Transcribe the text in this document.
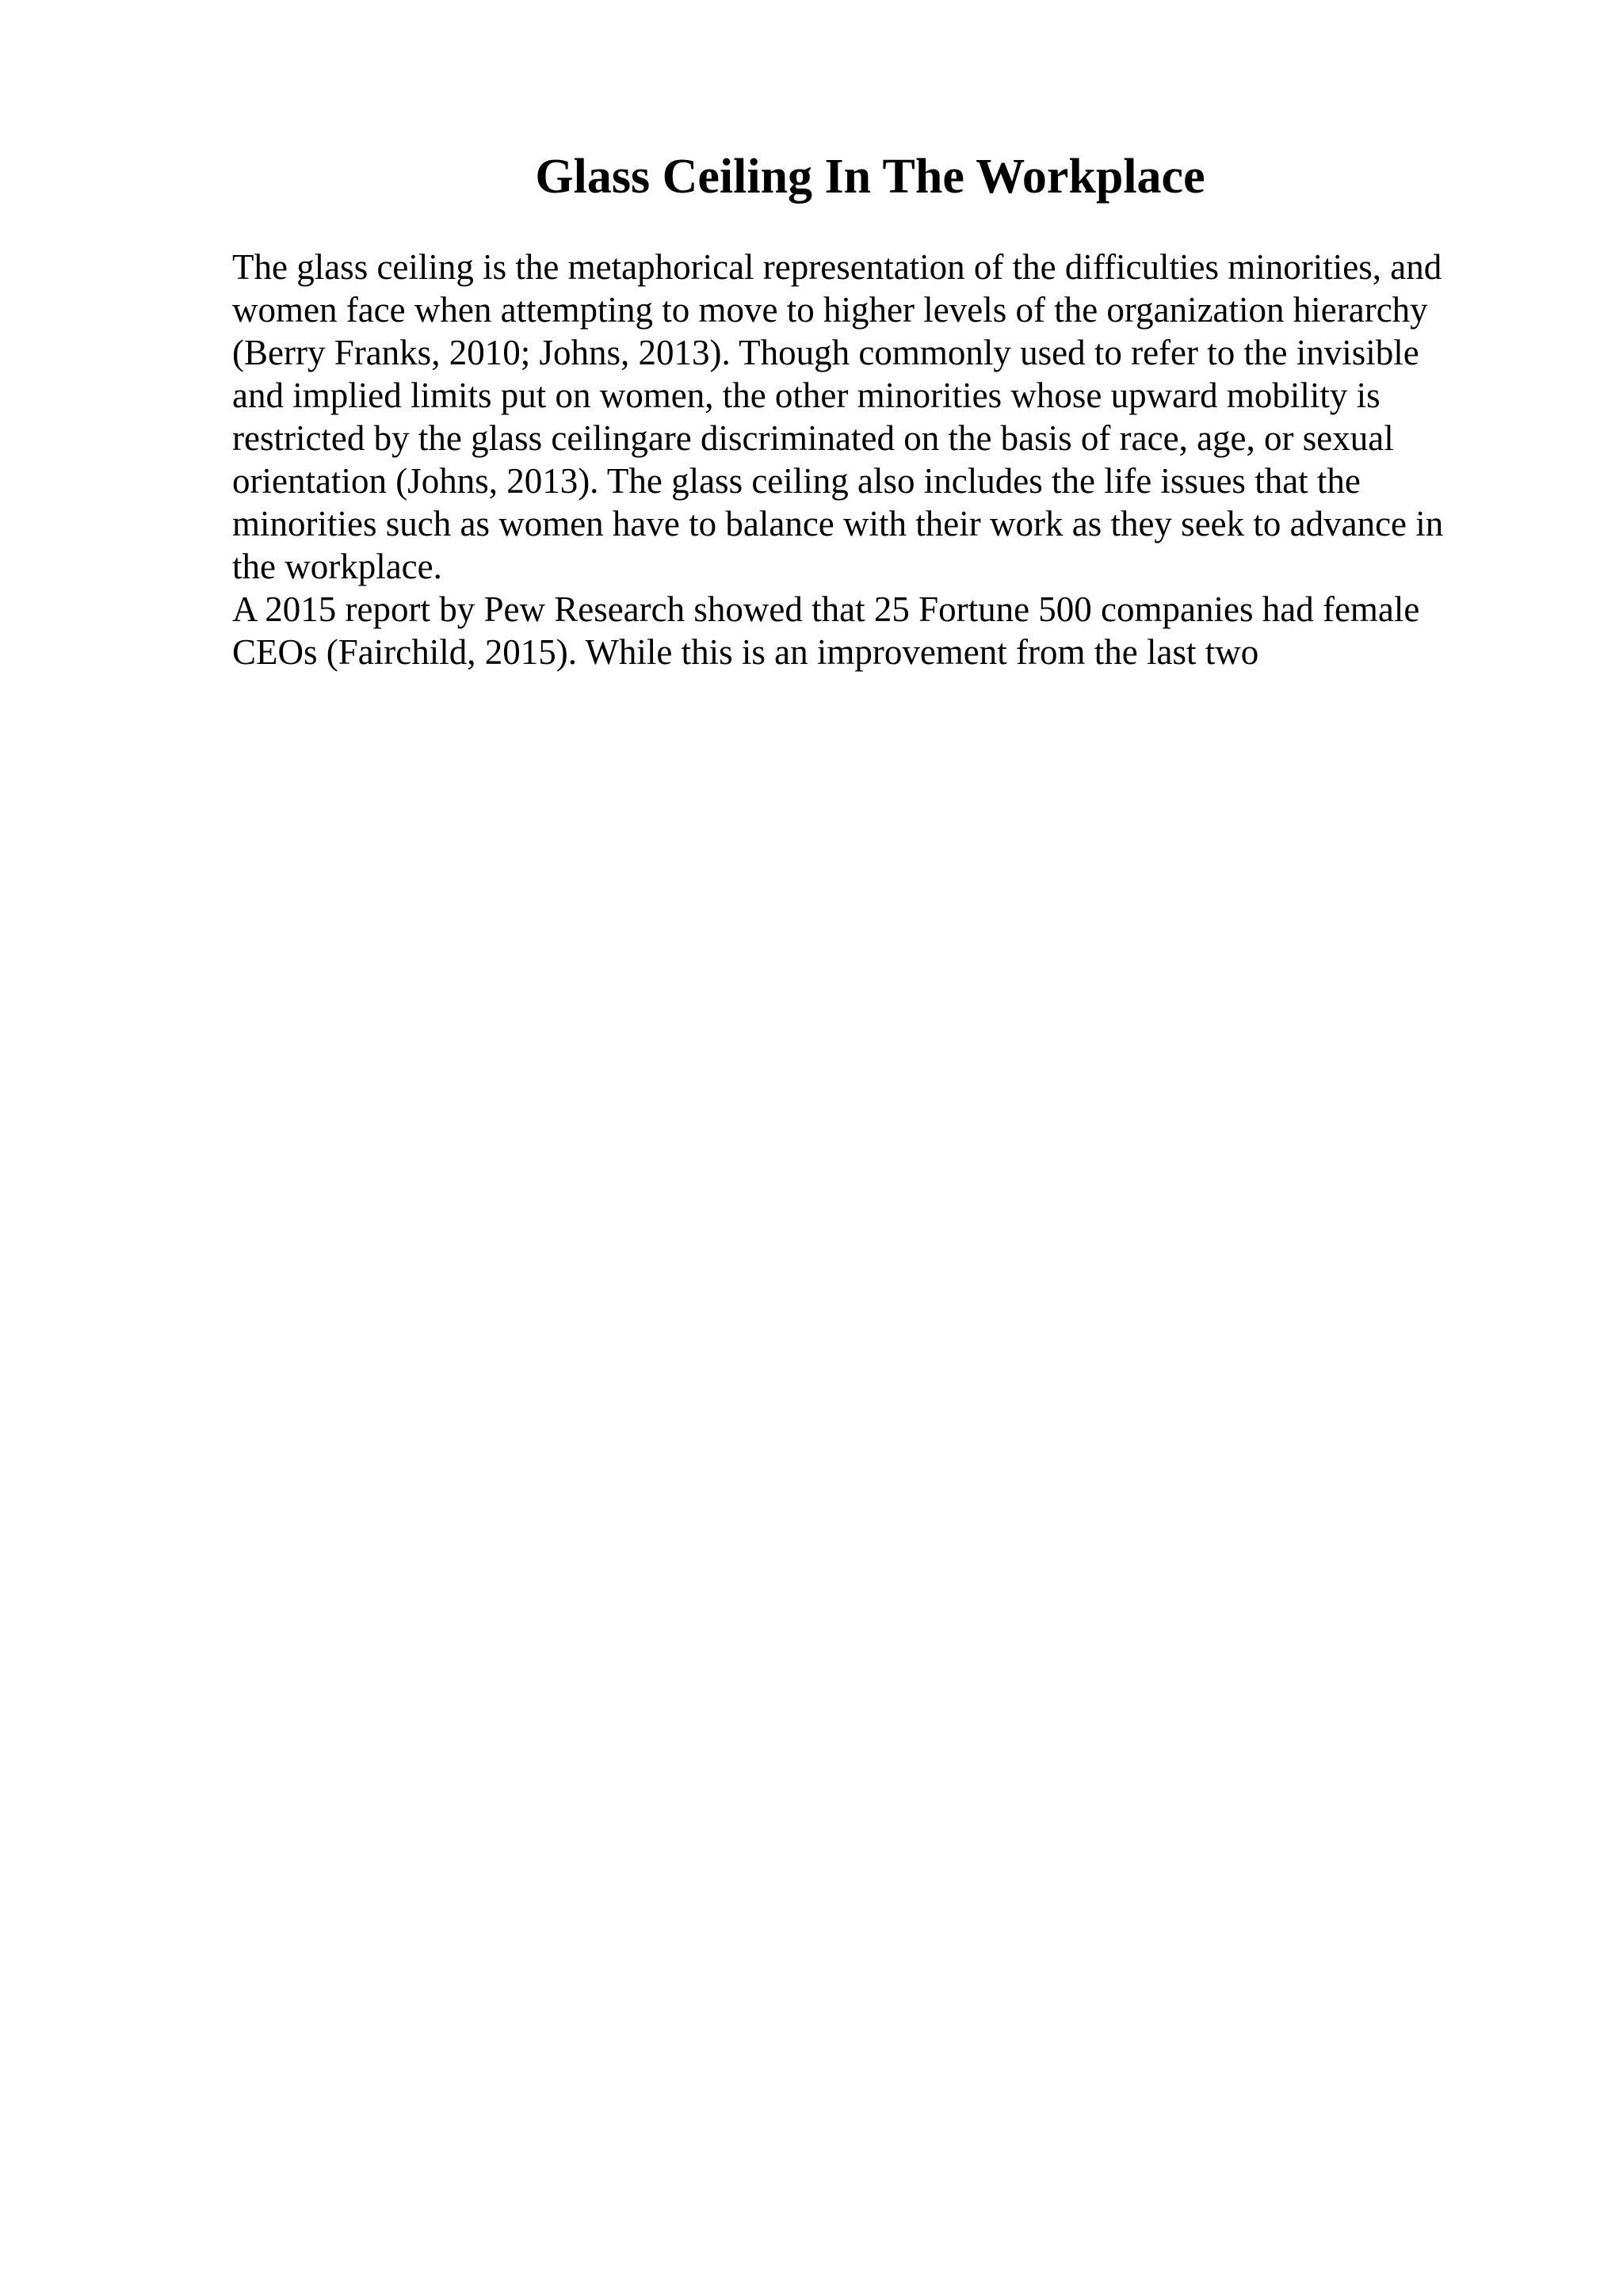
Glass Ceiling In The Workplace
The glass ceiling is the metaphorical representation of the difficulties minorities, and
women face when attempting to move to higher levels of the organization hierarchy
(Berry Franks, 2010; Johns, 2013). Though commonly used to refer to the invisible
and implied limits put on women, the other minorities whose upward mobility is
restricted by the glass ceilingare discriminated on the basis of race, age, or sexual
orientation (Johns, 2013). The glass ceiling also includes the life issues that the
minorities such as women have to balance with their work as they seek to advance in
the workplace.
A 2015 report by Pew Research showed that 25 Fortune 500 companies had female
CEOs (Fairchild, 2015). While this is an improvement from the last two
